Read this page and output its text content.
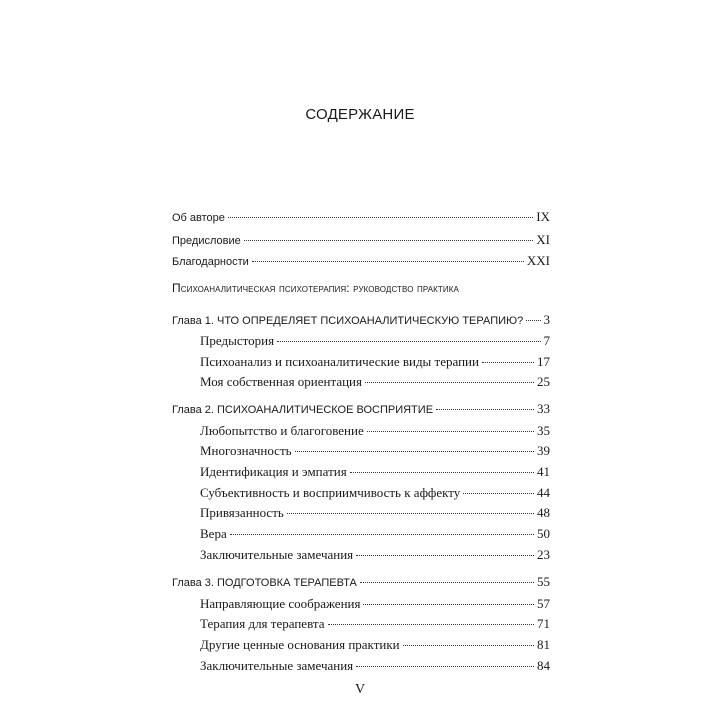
СОДЕРЖАНИЕ
Об авторе	IX
Предисловие	XI
Благодарности	XXI
Психоаналитическая психотерапия: руководство практика
Глава 1. ЧТО ОПРЕДЕЛЯЕТ ПСИХОАНАЛИТИЧЕСКУЮ ТЕРАПИЮ? 3
Предыстория	7
Психоанализ и психоаналитические виды терапии	17
Моя собственная ориентация	25
Глава 2. ПСИХОАНАЛИТИЧЕСКОЕ ВОСПРИЯТИЕ	33
Любопытство и благоговение	35
Многозначность	39
Идентификация и эмпатия	41
Субъективность и восприимчивость к аффекту	44
Привязанность	48
Вера	50
Заключительные замечания	23
Глава 3. ПОДГОТОВКА ТЕРАПЕВТА	55
Направляющие соображения	57
Терапия для терапевта	71
Другие ценные основания практики	81
Заключительные замечания	84
V
